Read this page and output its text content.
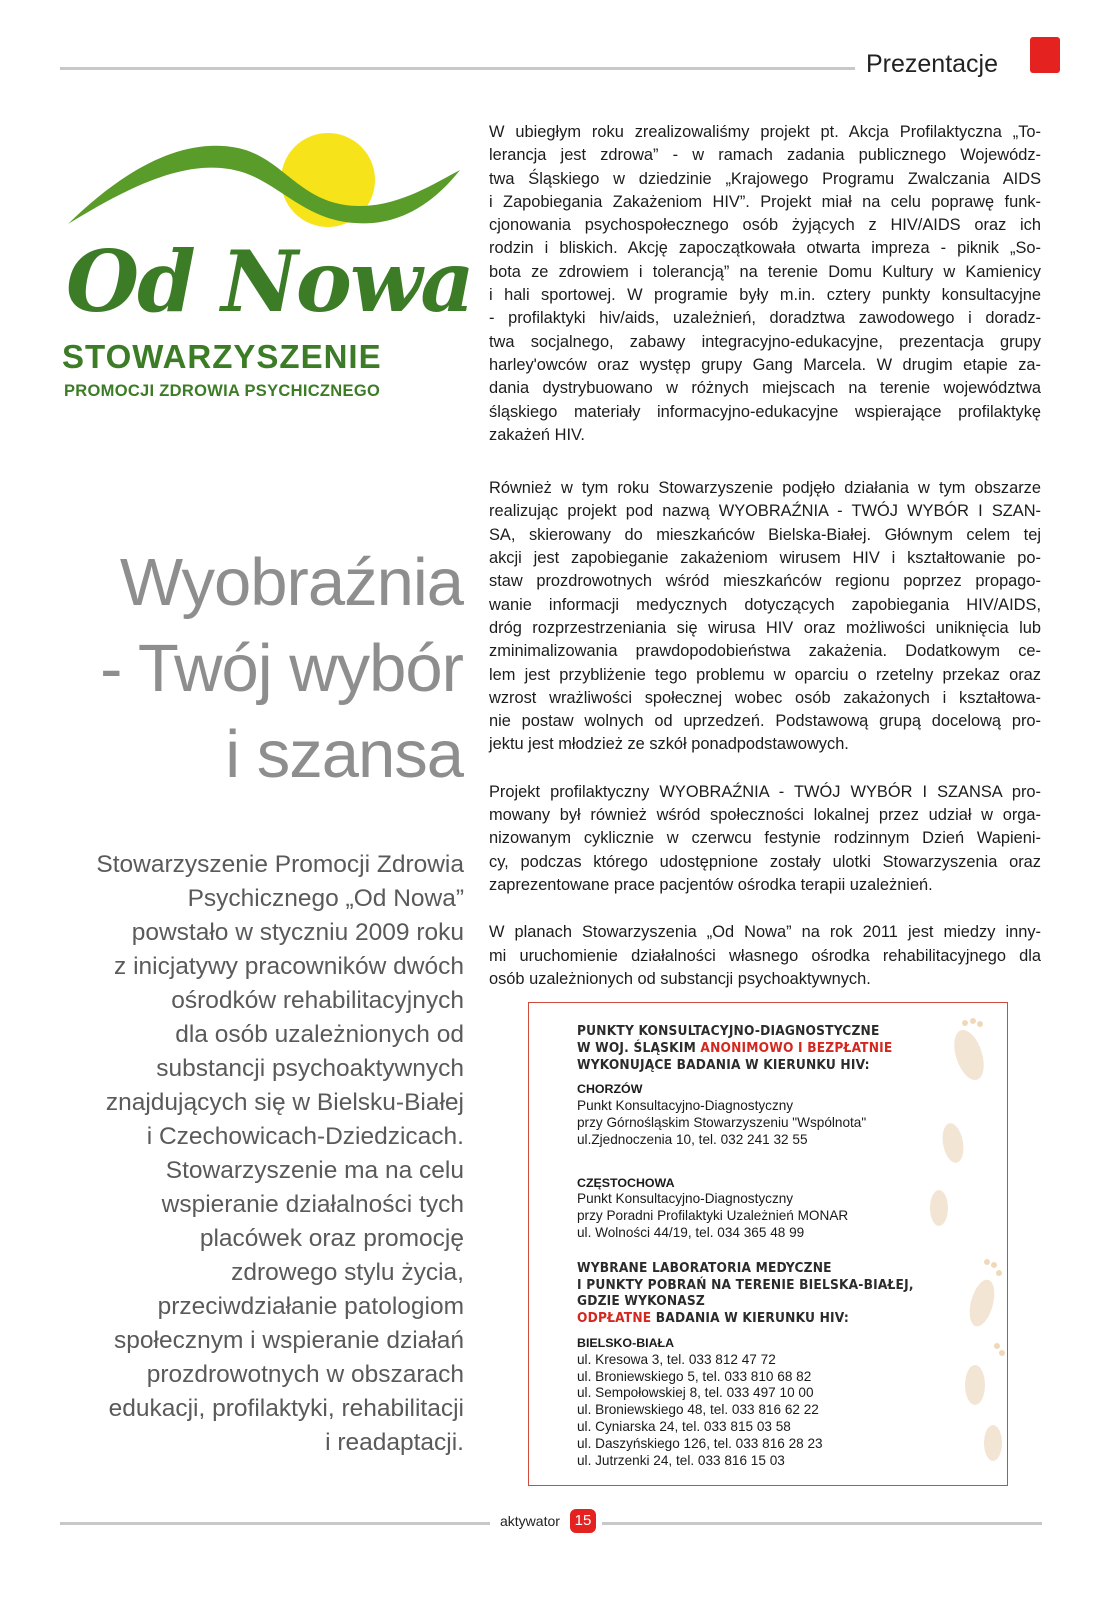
Prezentacje
Od Nowa
STOWARZYSZENIE
PROMOCJI ZDROWIA PSYCHICZNEGO
Wyobraźnia
- Twój wybór
i szansa
Stowarzyszenie Promocji Zdrowia
Psychicznego „Od Nowa”
powstało w styczniu 2009 roku
z inicjatywy pracowników dwóch
ośrodków rehabilitacyjnych
dla osób uzależnionych od
substancji psychoaktywnych
znajdujących się w Bielsku-Białej
i Czechowicach-Dziedzicach.
Stowarzyszenie ma na celu
wspieranie działalności tych
placówek oraz promocję
zdrowego stylu życia,
przeciwdziałanie patologiom
społecznym i wspieranie działań
prozdrowotnych w obszarach
edukacji, profilaktyki, rehabilitacji
i readaptacji.
W ubiegłym roku zrealizowaliśmy projekt pt. Akcja Profilaktyczna „To-
lerancja jest zdrowa” - w ramach zadania publicznego Wojewódz-
twa Śląskiego w dziedzinie „Krajowego Programu Zwalczania AIDS
i Zapobiegania Zakażeniom HIV”. Projekt miał na celu poprawę funk-
cjonowania psychospołecznego osób żyjących z HIV/AIDS oraz ich
rodzin i bliskich. Akcję zapoczątkowała otwarta impreza - piknik „So-
bota ze zdrowiem i tolerancją” na terenie Domu Kultury w Kamienicy
i hali sportowej. W programie były m.in. cztery punkty konsultacyjne
- profilaktyki hiv/aids, uzależnień, doradztwa zawodowego i doradz-
twa socjalnego, zabawy integracyjno-edukacyjne, prezentacja grupy
harley'owców oraz występ grupy Gang Marcela. W drugim etapie za-
dania dystrybuowano w różnych miejscach na terenie województwa
śląskiego materiały informacyjno-edukacyjne wspierające profilaktykę
zakażeń HIV.
Również w tym roku Stowarzyszenie podjęło działania w tym obszarze
realizując projekt pod nazwą WYOBRAŹNIA - TWÓJ WYBÓR I SZAN-
SA, skierowany do mieszkańców Bielska-Białej. Głównym celem tej
akcji jest zapobieganie zakażeniom wirusem HIV i kształtowanie po-
staw prozdrowotnych wśród mieszkańców regionu poprzez propago-
wanie informacji medycznych dotyczących zapobiegania HIV/AIDS,
dróg rozprzestrzeniania się wirusa HIV oraz możliwości uniknięcia lub
zminimalizowania prawdopodobieństwa zakażenia. Dodatkowym ce-
lem jest przybliżenie tego problemu w oparciu o rzetelny przekaz oraz
wzrost wrażliwości społecznej wobec osób zakażonych i kształtowa-
nie postaw wolnych od uprzedzeń. Podstawową grupą docelową pro-
jektu jest młodzież ze szkół ponadpodstawowych.
Projekt profilaktyczny WYOBRAŹNIA - TWÓJ WYBÓR I SZANSA pro-
mowany był również wśród społeczności lokalnej przez udział w orga-
nizowanym cyklicznie w czerwcu festynie rodzinnym Dzień Wapieni-
cy, podczas którego udostępnione zostały ulotki Stowarzyszenia oraz
zaprezentowane prace pacjentów ośrodka terapii uzależnień.
W planach Stowarzyszenia „Od Nowa” na rok 2011 jest miedzy inny-
mi uruchomienie działalności własnego ośrodka rehabilitacyjnego dla
osób uzależnionych od substancji psychoaktywnych.
PUNKTY KONSULTACYJNO-DIAGNOSTYCZNE
W WOJ. ŚLĄSKIM ANONIMOWO I BEZPŁATNIE
WYKONUJĄCE BADANIA W KIERUNKU HIV:
CHORZÓW
Punkt Konsultacyjno-Diagnostyczny
przy Górnośląskim Stowarzyszeniu "Wspólnota"
ul.Zjednoczenia 10, tel. 032 241 32 55
CZĘSTOCHOWA
Punkt Konsultacyjno-Diagnostyczny
przy Poradni Profilaktyki Uzależnień MONAR
ul. Wolności 44/19, tel. 034 365 48 99
WYBRANE LABORATORIA MEDYCZNE
I PUNKTY POBRAŃ NA TERENIE BIELSKA-BIAŁEJ,
GDZIE WYKONASZ
ODPŁATNE BADANIA W KIERUNKU HIV:
BIELSKO-BIAŁA
ul. Kresowa 3, tel. 033 812 47 72
ul. Broniewskiego 5, tel. 033 810 68 82
ul. Sempołowskiej 8, tel. 033 497 10 00
ul. Broniewskiego 48, tel. 033 816 62 22
ul. Cyniarska 24, tel. 033 815 03 58
ul. Daszyńskiego 126, tel. 033 816 28 23
ul. Jutrzenki 24, tel. 033 816 15 03
aktywator 15
